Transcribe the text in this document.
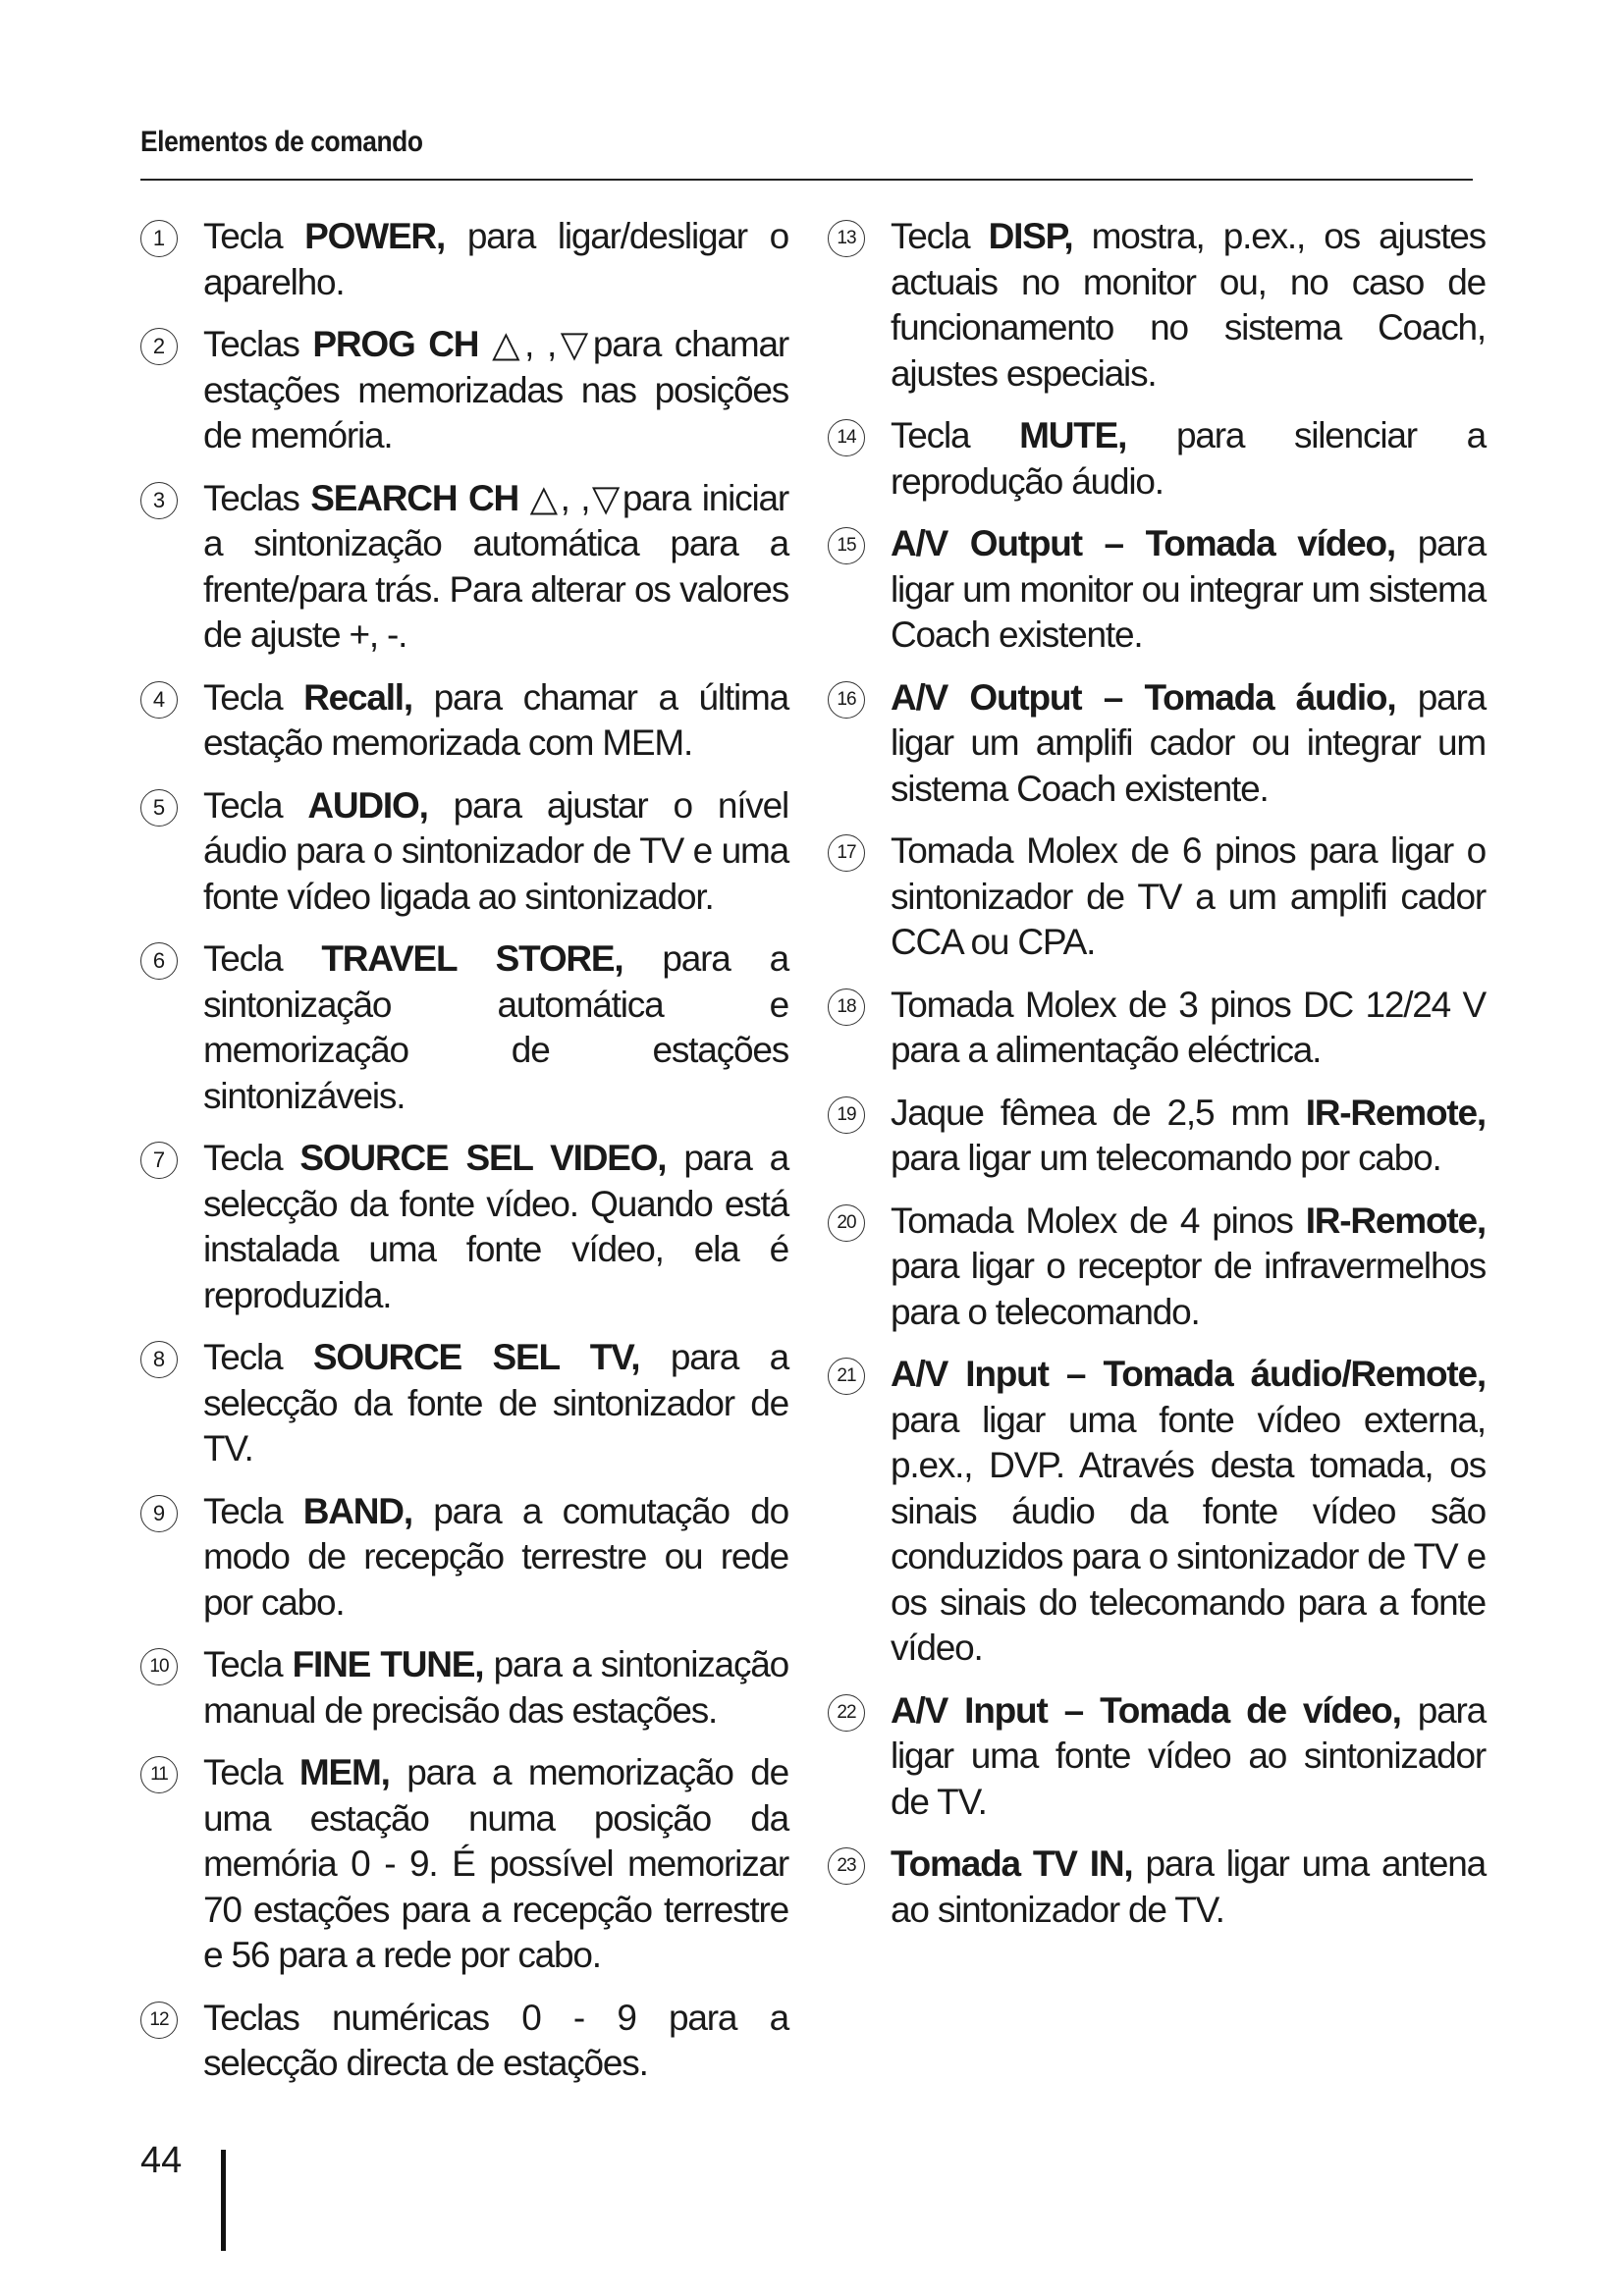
Elementos de comando
1	Tecla POWER, para ligar/desligar o aparelho.
2	Teclas PROG CH △, ,▽para chamar estações memorizadas nas posições de memória.
3	Teclas SEARCH CH △, ,▽para iniciar a sintonização automática para a frente/para trás. Para alterar os valores de ajuste +, -.
4	Tecla Recall, para chamar a última estação memorizada com MEM.
5	Tecla AUDIO, para ajustar o nível áudio para o sintonizador de TV e uma fonte vídeo ligada ao sintonizador.
6	Tecla TRAVEL STORE, para a sintonização automática e memorização de estações sintonizáveis.
7	Tecla SOURCE SEL VIDEO, para a selecção da fonte vídeo. Quando está instalada uma fonte vídeo, ela é reproduzida.
8	Tecla SOURCE SEL TV, para a selecção da fonte de sintonizador de TV.
9	Tecla BAND, para a comutação do modo de recepção terrestre ou rede por cabo.
10 Tecla FINE TUNE, para a sintonização manual de precisão das estações.
11 Tecla MEM, para a memorização de uma estação numa posição da memória 0 - 9. É possível memorizar 70 estações para a recepção terrestre e 56 para a rede por cabo.
12 Teclas numéricas 0 - 9 para a selecção directa de estações.
13 Tecla DISP, mostra, p.ex., os ajustes actuais no monitor ou, no caso de funcionamento no sistema Coach, ajustes especiais.
14 Tecla MUTE, para silenciar a reprodução áudio.
15 A/V Output – Tomada vídeo, para ligar um monitor ou integrar um sistema Coach existente.
16 A/V Output – Tomada áudio, para ligar um amplifi cador ou integrar um sistema Coach existente.
17 Tomada Molex de 6 pinos para ligar o sintonizador de TV a um amplifi cador CCA ou CPA.
18 Tomada Molex de 3 pinos DC 12/24 V para a alimentação eléctrica.
19 Jaque fêmea de 2,5 mm IR-Remote, para ligar um telecomando por cabo.
20 Tomada Molex de 4 pinos IR-Remote, para ligar o receptor de infravermelhos para o telecomando.
21 A/V Input – Tomada áudio/Remote, para ligar uma fonte vídeo externa, p.ex., DVP. Através desta tomada, os sinais áudio da fonte vídeo são conduzidos para o sintonizador de TV e os sinais do telecomando para a fonte vídeo.
22 A/V Input – Tomada de vídeo, para ligar uma fonte vídeo ao sintonizador de TV.
23 Tomada TV IN, para ligar uma antena ao sintonizador de TV.
44
